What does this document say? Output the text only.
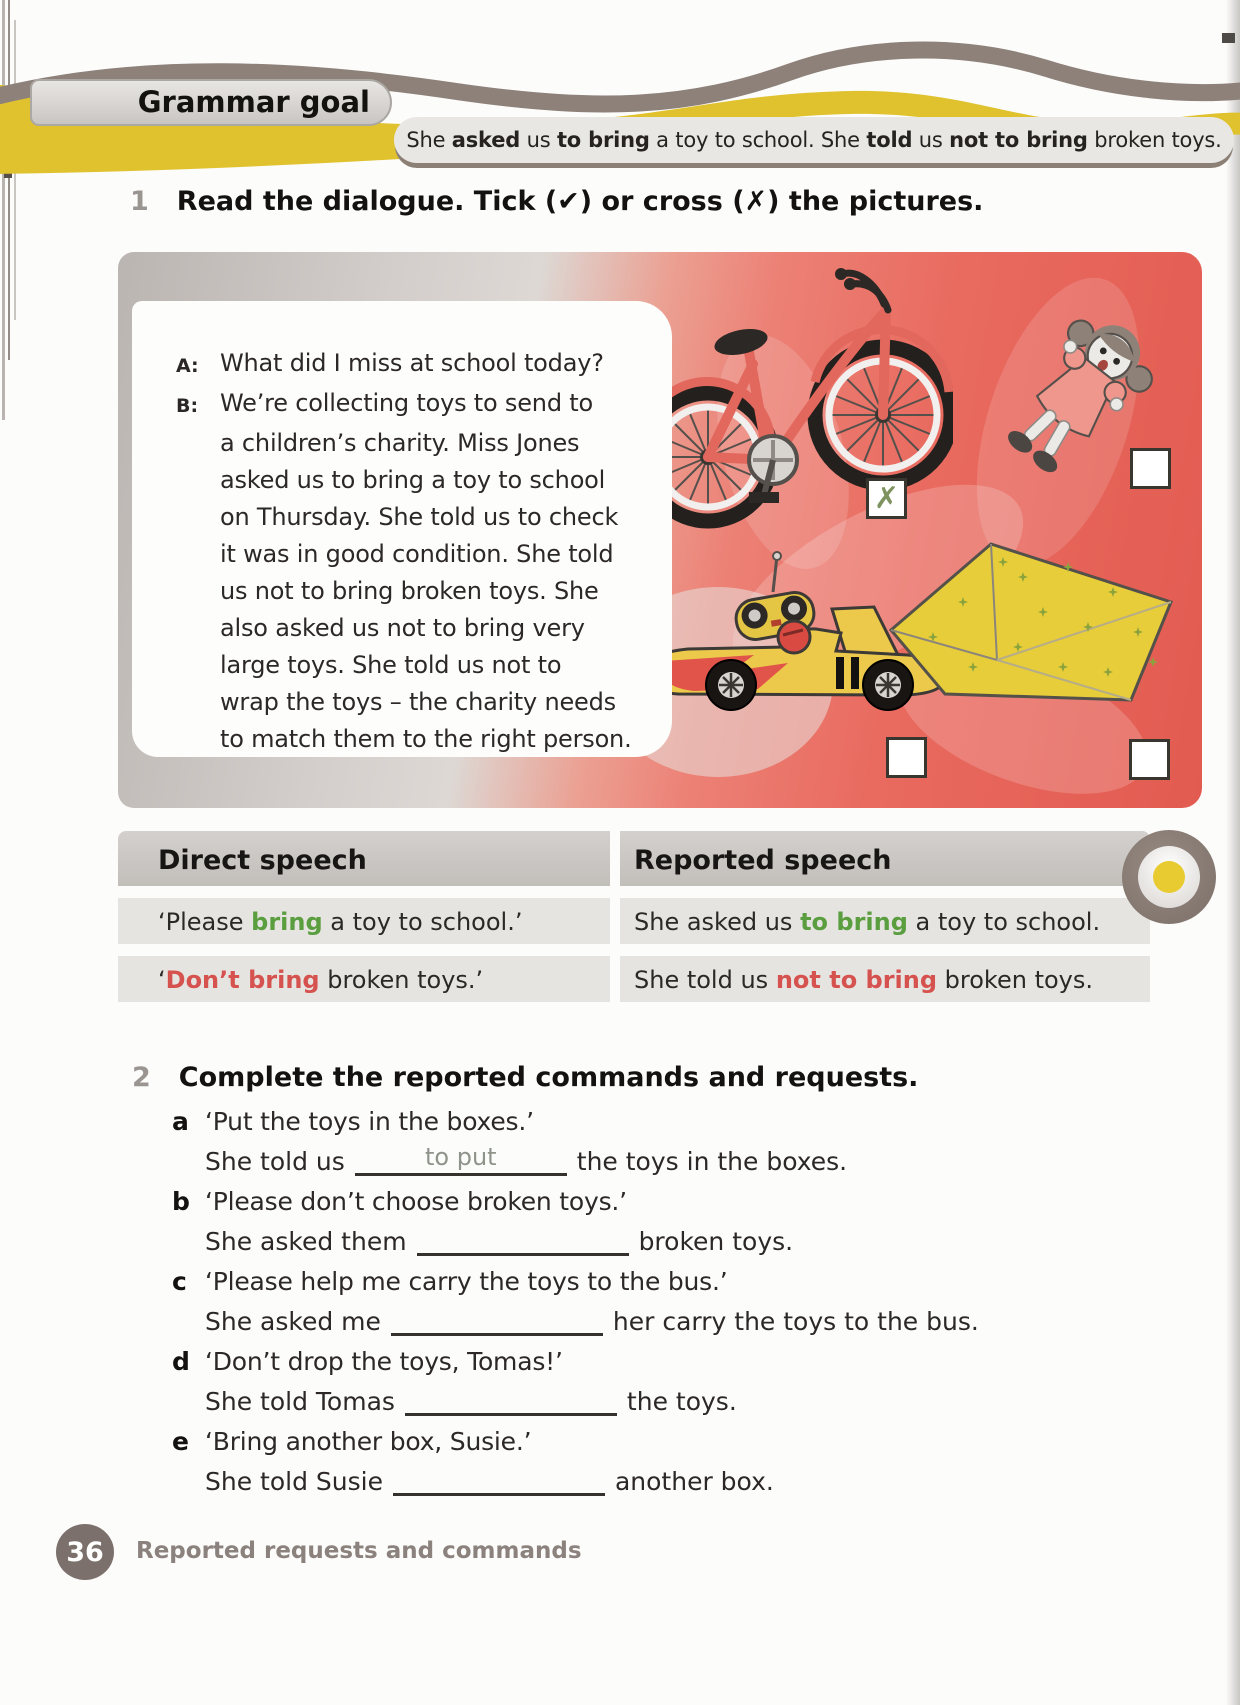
Grammar goal
She asked us to bring a toy to school. She told us not to bring broken toys.
1 Read the dialogue. Tick (✔) or cross (✗) the pictures.
✗
A: What did I miss at school today?
B: We’re collecting toys to send to
a children’s charity. Miss Jones
asked us to bring a toy to school
on Thursday. She told us to check
it was in good condition. She told
us not to bring broken toys. She
also asked us not to bring very
large toys. She told us not to
wrap the toys – the charity needs
to match them to the right person.
Direct speech	Reported speech
‘Please bring a toy to school.’	She asked us to bring a toy to school.
‘Don’t bring broken toys.’	She told us not to bring broken toys.
2 Complete the reported commands and requests.
a ‘Put the toys in the boxes.’
She told us	to put	the toys in the boxes.
b ‘Please don’t choose broken toys.’
She asked them	broken toys.
c ‘Please help me carry the toys to the bus.’
She asked me	her carry the toys to the bus.
d ‘Don’t drop the toys, Tomas!’
She told Tomas	the toys.
e ‘Bring another box, Susie.’
She told Susie	another box.
36 Reported requests and commands
